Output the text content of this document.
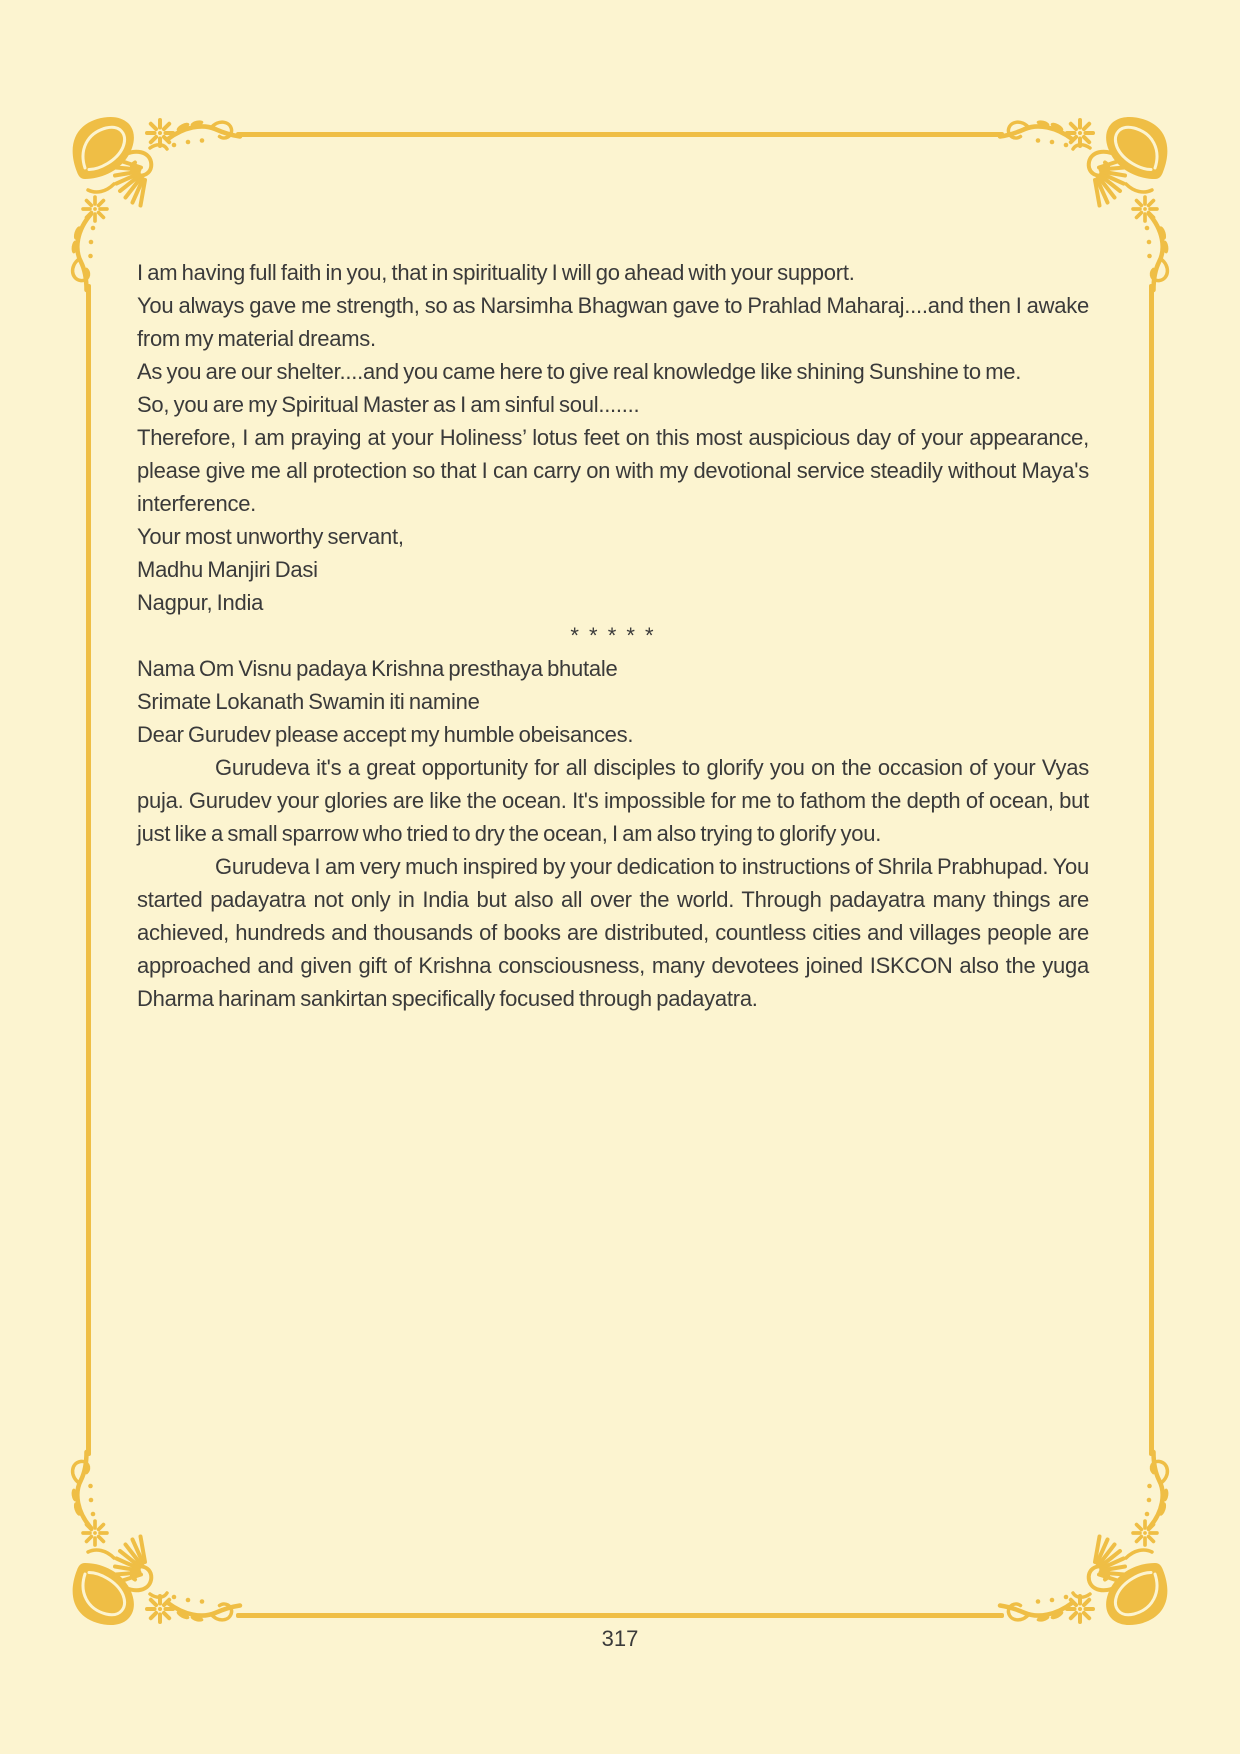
I am having full faith in you, that in spirituality I will go ahead with your support.

You always gave me strength, so as Narsimha Bhagwan gave to Prahlad Maharaj....and then I awake from my material dreams.

As you are our shelter....and you came here to give real knowledge like shining Sunshine to me.

So, you are my Spiritual Master as I am sinful soul.......

Therefore, I am praying at your Holiness’ lotus feet on this most auspicious day of your appearance, please give me all protection so that I can carry on with my devotional service steadily without Maya's interference.

Your most unworthy servant,

Madhu Manjiri Dasi

Nagpur, India

* * * * *

Nama Om Visnu padaya Krishna presthaya bhutale

Srimate Lokanath Swamin iti namine

Dear Gurudev please accept my humble obeisances.

Gurudeva it's a great opportunity for all disciples to glorify you on the occasion of your Vyas puja. Gurudev your glories are like the ocean. It's impossible for me to fathom the depth of ocean, but just like a small sparrow who tried to dry the ocean, I am also trying to glorify you.

Gurudeva I am very much inspired by your dedication to instructions of Shrila Prabhupad. You started padayatra not only in India but also all over the world. Through padayatra many things are achieved, hundreds and thousands of books are distributed, countless cities and villages people are approached and given gift of Krishna consciousness, many devotees joined ISKCON also the yuga Dharma harinam sankirtan specifically focused through padayatra.

317
